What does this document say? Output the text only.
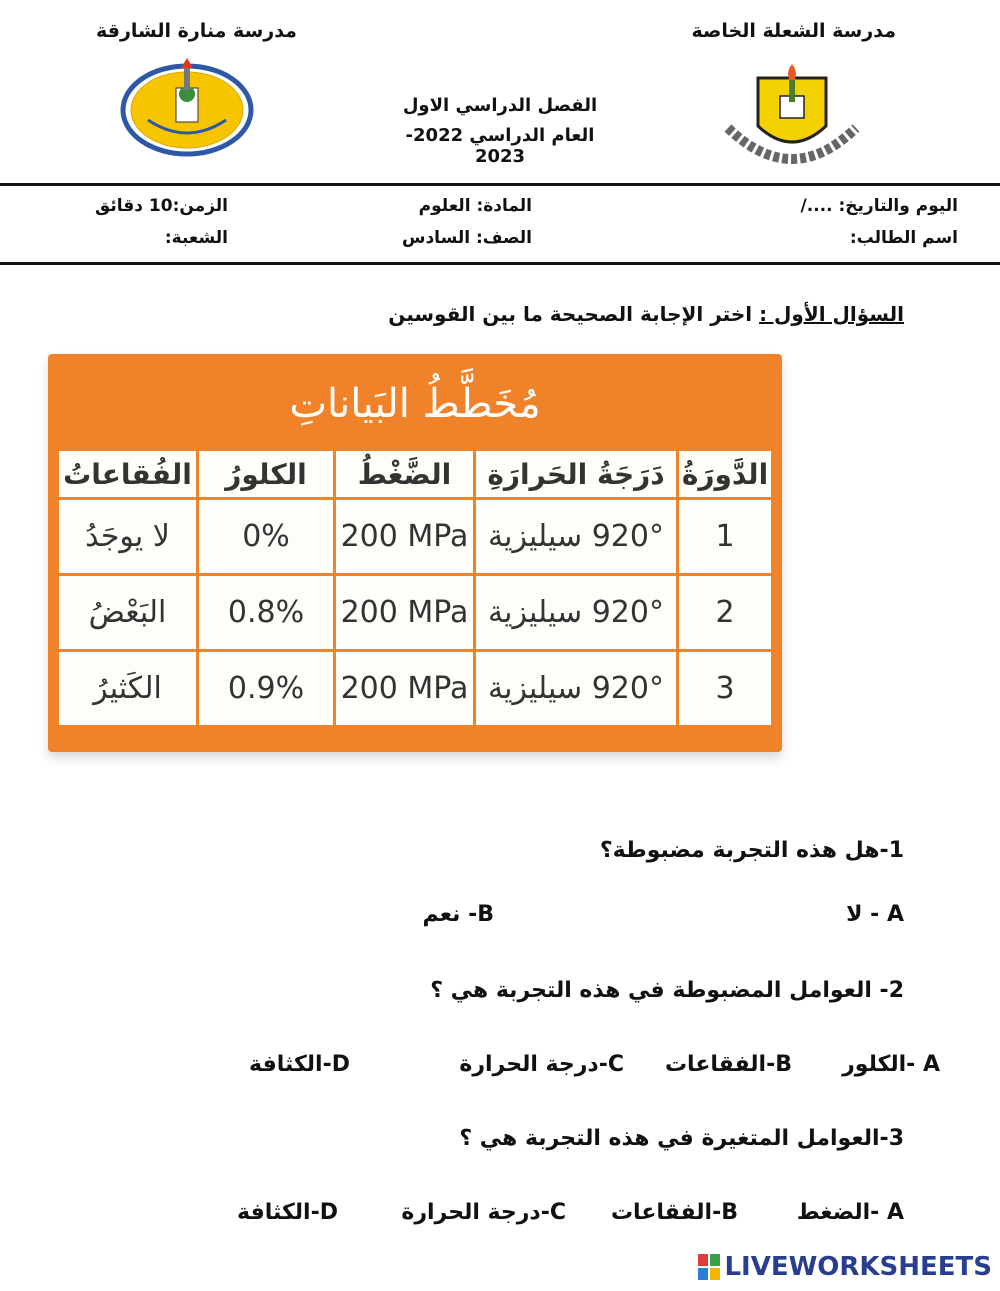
مدرسة منارة الشارقة	مدرسة الشعلة الخاصة
الفصل الدراسي الاول
العام الدراسي 2022- 2023
اليوم والتاريخ: ..../
اسم الطالب:
المادة: العلوم
الصف: السادس
الزمن:10 دقائق
الشعبة:
السؤال الأول : اختر الإجابة الصحيحة ما بين القوسين
مُخَطَّطُ البَياناتِ
الدَّورَةُ	دَرَجَةُ الحَرارَةِ	الضَّغْطُ	الكلورُ	الفُقاعاتُ
1	920° سيليزية	200 MPa	0%	لا يوجَدُ
2	920° سيليزية	200 MPa	0.8%	البَعْضُ
3	920° سيليزية	200 MPa	0.9%	الكَثيرُ
1-هل هذه التجربة مضبوطة؟
A - لا
B- نعم
2- العوامل المضبوطة في هذه التجربة هي ؟
A -الكلور
B-الفقاعات
C-درجة الحرارة
D-الكثافة
3-العوامل المتغيرة في هذه التجربة هي ؟
A -الضغط
B-الفقاعات
C-درجة الحرارة
D-الكثافة
LIVEWORKSHEETS
